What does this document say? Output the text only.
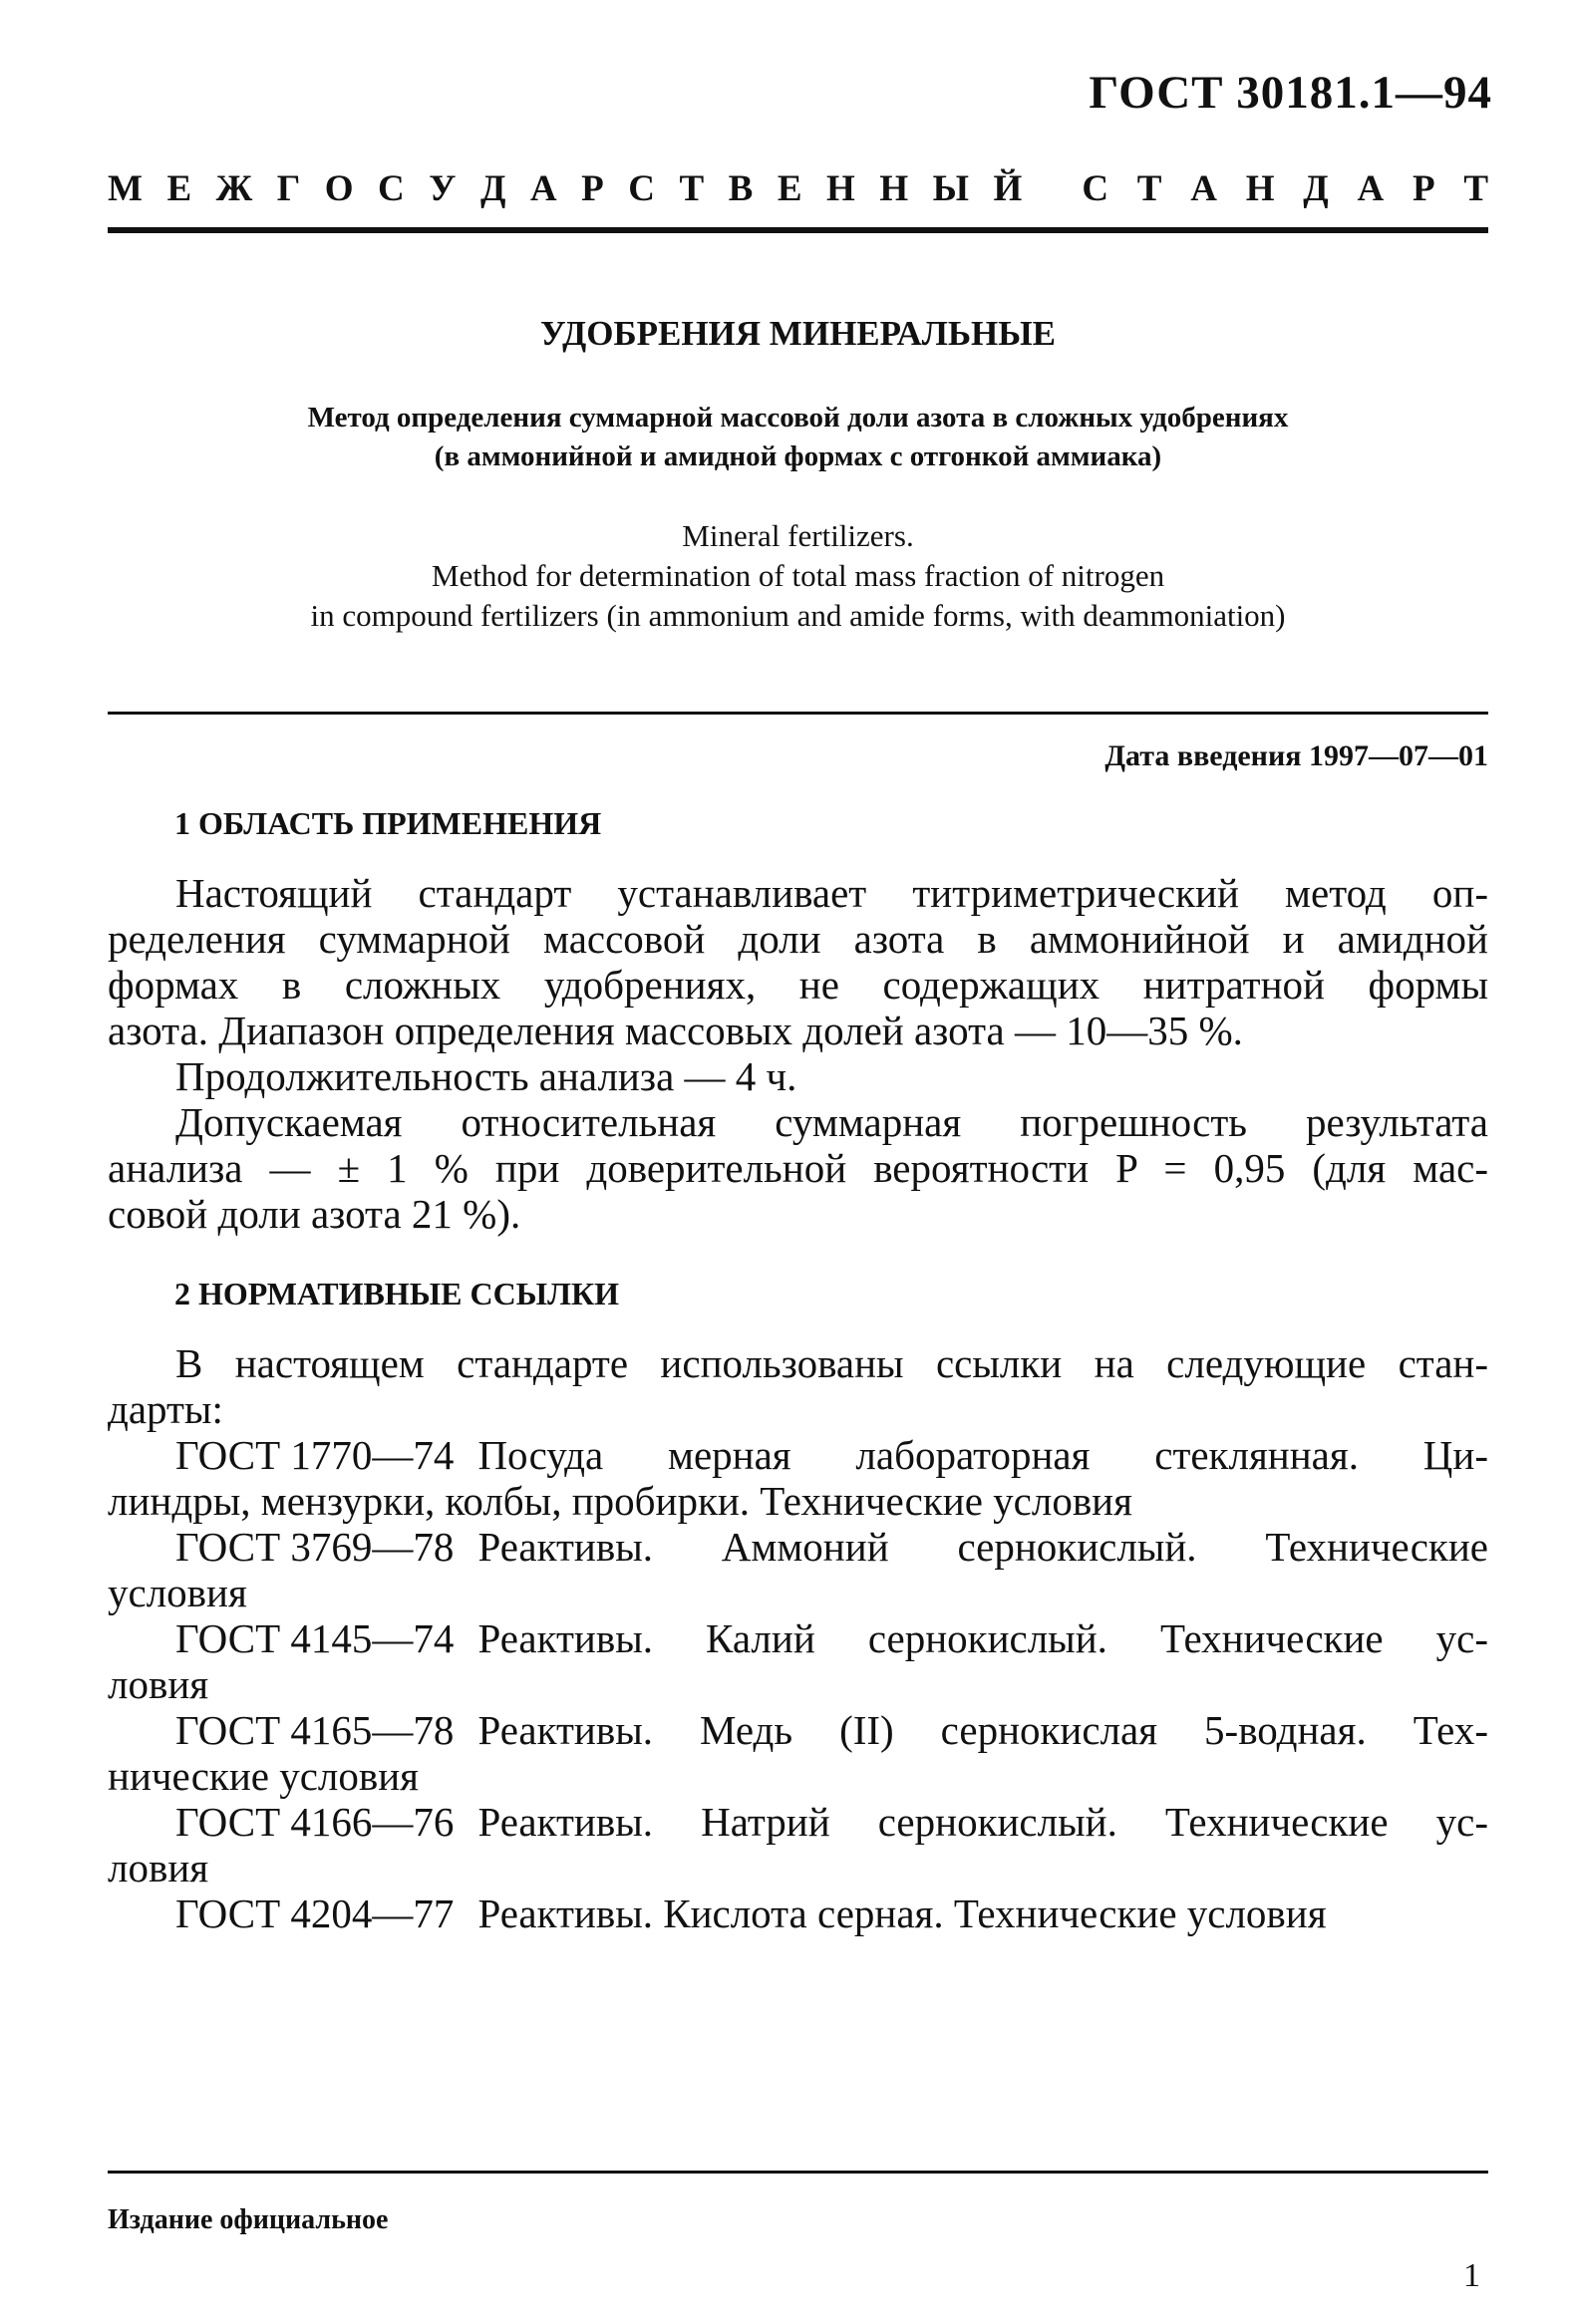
ГОСТ 30181.1—94
М Е Ж Г О С У Д А Р С Т В Е Н Н Ы Й С Т А Н Д А Р Т
УДОБРЕНИЯ МИНЕРАЛЬНЫЕ
Метод определения суммарной массовой доли азота в сложных удобрениях
(в аммонийной и амидной формах с отгонкой аммиака)
Mineral fertilizers.
Method for determination of total mass fraction of nitrogen
in compound fertilizers (in ammonium and amide forms, with deammoniation)
Дата введения 1997—07—01
1 ОБЛАСТЬ ПРИМЕНЕНИЯ

Настоящий стандарт устанавливает титриметрический метод оп-

ределения суммарной массовой доли азота в аммонийной и амидной

формах в сложных удобрениях, не содержащих нитратной формы

азота. Диапазон определения массовых долей азота — 10—35 %.

Продолжительность анализа — 4 ч.

Допускаемая относительная суммарная погрешность результата

анализа — ± 1 % при доверительной вероятности P = 0,95 (для мас-

совой доли азота 21 %).

2 НОРМАТИВНЫЕ ССЫЛКИ

В настоящем стандарте использованы ссылки на следующие стан-

дарты:

ГОСТ 1770—74 Посуда мерная лабораторная стеклянная. Ци-
линдры, мензурки, колбы, пробирки. Технические условия
ГОСТ 3769—78 Реактивы. Аммоний сернокислый. Технические
условия
ГОСТ 4145—74 Реактивы. Калий сернокислый. Технические ус-
ловия
ГОСТ 4165—78 Реактивы. Медь (II) сернокислая 5-водная. Тех-
нические условия
ГОСТ 4166—76 Реактивы. Натрий сернокислый. Технические ус-
ловия
ГОСТ 4204—77 Реактивы. Кислота серная. Технические условия
Издание официальное
1
